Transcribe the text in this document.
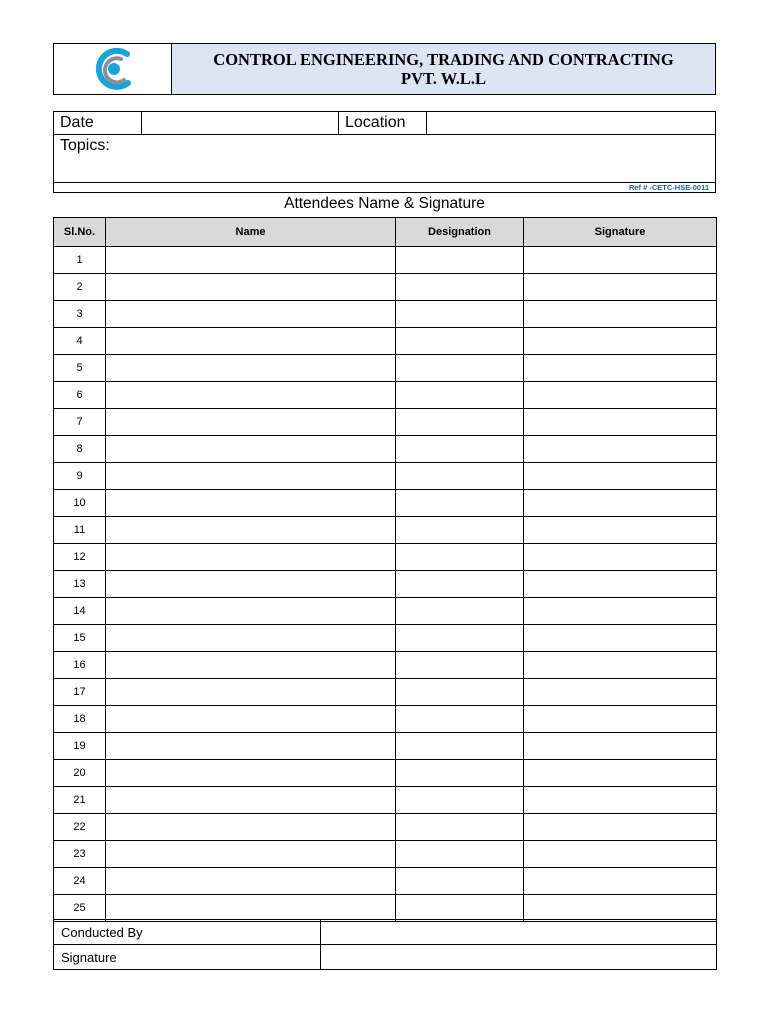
CONTROL ENGINEERING, TRADING AND CONTRACTING
PVT. W.L.L
Date	Location
Topics:
Ref # -CETC-HSE-0011
Attendees Name & Signature
Sl.No.	Name	Designation	Signature
1			
2			
3			
4			
5			
6			
7			
8			
9			
10			
11			
12			
13			
14			
15			
16			
17			
18			
19			
20			
21			
22			
23			
24			
25			
Conducted By	
Signature	
